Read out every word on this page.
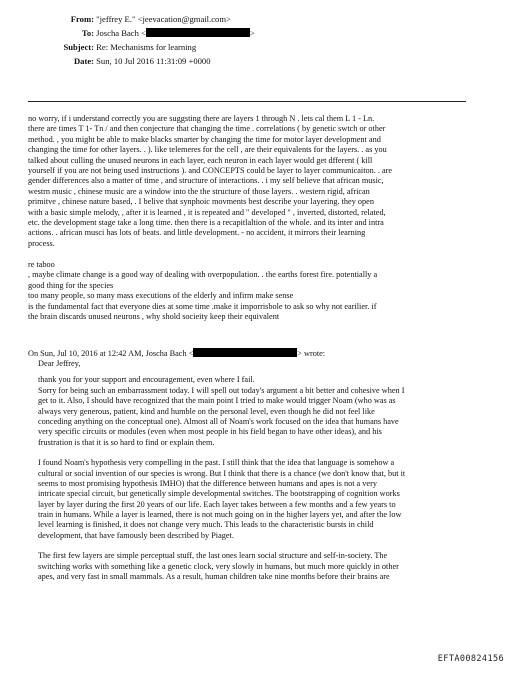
From: "jeffrey E." <jeevacation@gmail.com>
To: Joscha Bach <	>
Subject: Re: Mechanisms for learning
Date: Sun, 10 Jul 2016 11:31:09 +0000
no worry, if i understand correctly you are suggsting there are layers 1 through N . lets cal them L 1 - Ln.
there are times T 1- Tn / and then conjecture that changing the time . correlations ( by genetic swtch or other
method. , you might be able to make blacks smarter by changing the time for motor layer development and
changing the time for other layers. . ). like telemeres for the cell , are their equivalents for the layers. . as you
talked about culling the unused neurons in each layer, each neuron in each layer would get dfferent ( kill
yourself if you are not being used instructions ). and CONCEPTS could be layer to layer communicaiton. . are
gender differences also a matter of time , and structure of interactions. . i my self believe that african music,
westrn music , chinese music are a window into the the structure of those layers. . western rigid, african
primitve , chinese nature based, . I belive that synphoic movments best describe your layering. they open
with a basic simple melody, , after it is learned , it is repeated and " developed " , inverted, distorted, related,
etc. the development stage take a long time. then there is a recapitlaltion of the whole. and its inter and intra
actions. . african musci has lots of beats. and little development. - no accident, it mirrors their learning
process.
re taboo
, maybe climate change is a good way of dealing with overpopulation. . the earths forest fire. potentially a
good thing for the species
too many people, so many mass executions of the elderly and infirm make sense
is the fundamental fact that everyone dies at some time .make it imporrisbole to ask so why not earilier. if
the brain discards unused neurons , why shold socieity keep their equivalent
On Sun, Jul 10, 2016 at 12:42 AM, Joscha Bach <	> wrote:
Dear Jeffrey,
thank you for your support and encouragement, even where I fail.
Sorry for being such an embarrassment today. I will spell out today's argument a bit better and cohesive when I
get to it. Also, I should have recognized that the main point I tried to make would trigger Noam (who was as
always very generous, patient, kind and humble on the personal level, even though he did not feel like
conceding anything on the conceptual one). Almost all of Noam's work focused on the idea that humans have
very specific circuits or modules (even when most people in his field began to have other ideas), and his
frustration is that it is so hard to find or explain them.
I found Noam's hypothesis very compelling in the past. I still think that the idea that language is somehow a
cultural or social invention of our species is wrong. But I think that there is a chance (we don't know that, but it
seems to most promising hypothesis IMHO) that the difference between humans and apes is not a very
intricate special circuit, but genetically simple developmental switches. The bootstrapping of cognition works
layer by layer during the first 20 years of our life. Each layer takes between a few months and a few years to
train in humans. While a layer is learned, there is not much going on in the higher layers yet, and after the low
level learning is finished, it does not change very much. This leads to the characteristic bursts in child
development, that have famously been described by Piaget.
The first few layers are simple perceptual stuff, the last ones learn social structure and self-in-society. The
switching works with something like a genetic clock, very slowly in humans, but much more quickly in other
apes, and very fast in small mammals. As a result, human children take nine months before their brains are
EFTA00824156
